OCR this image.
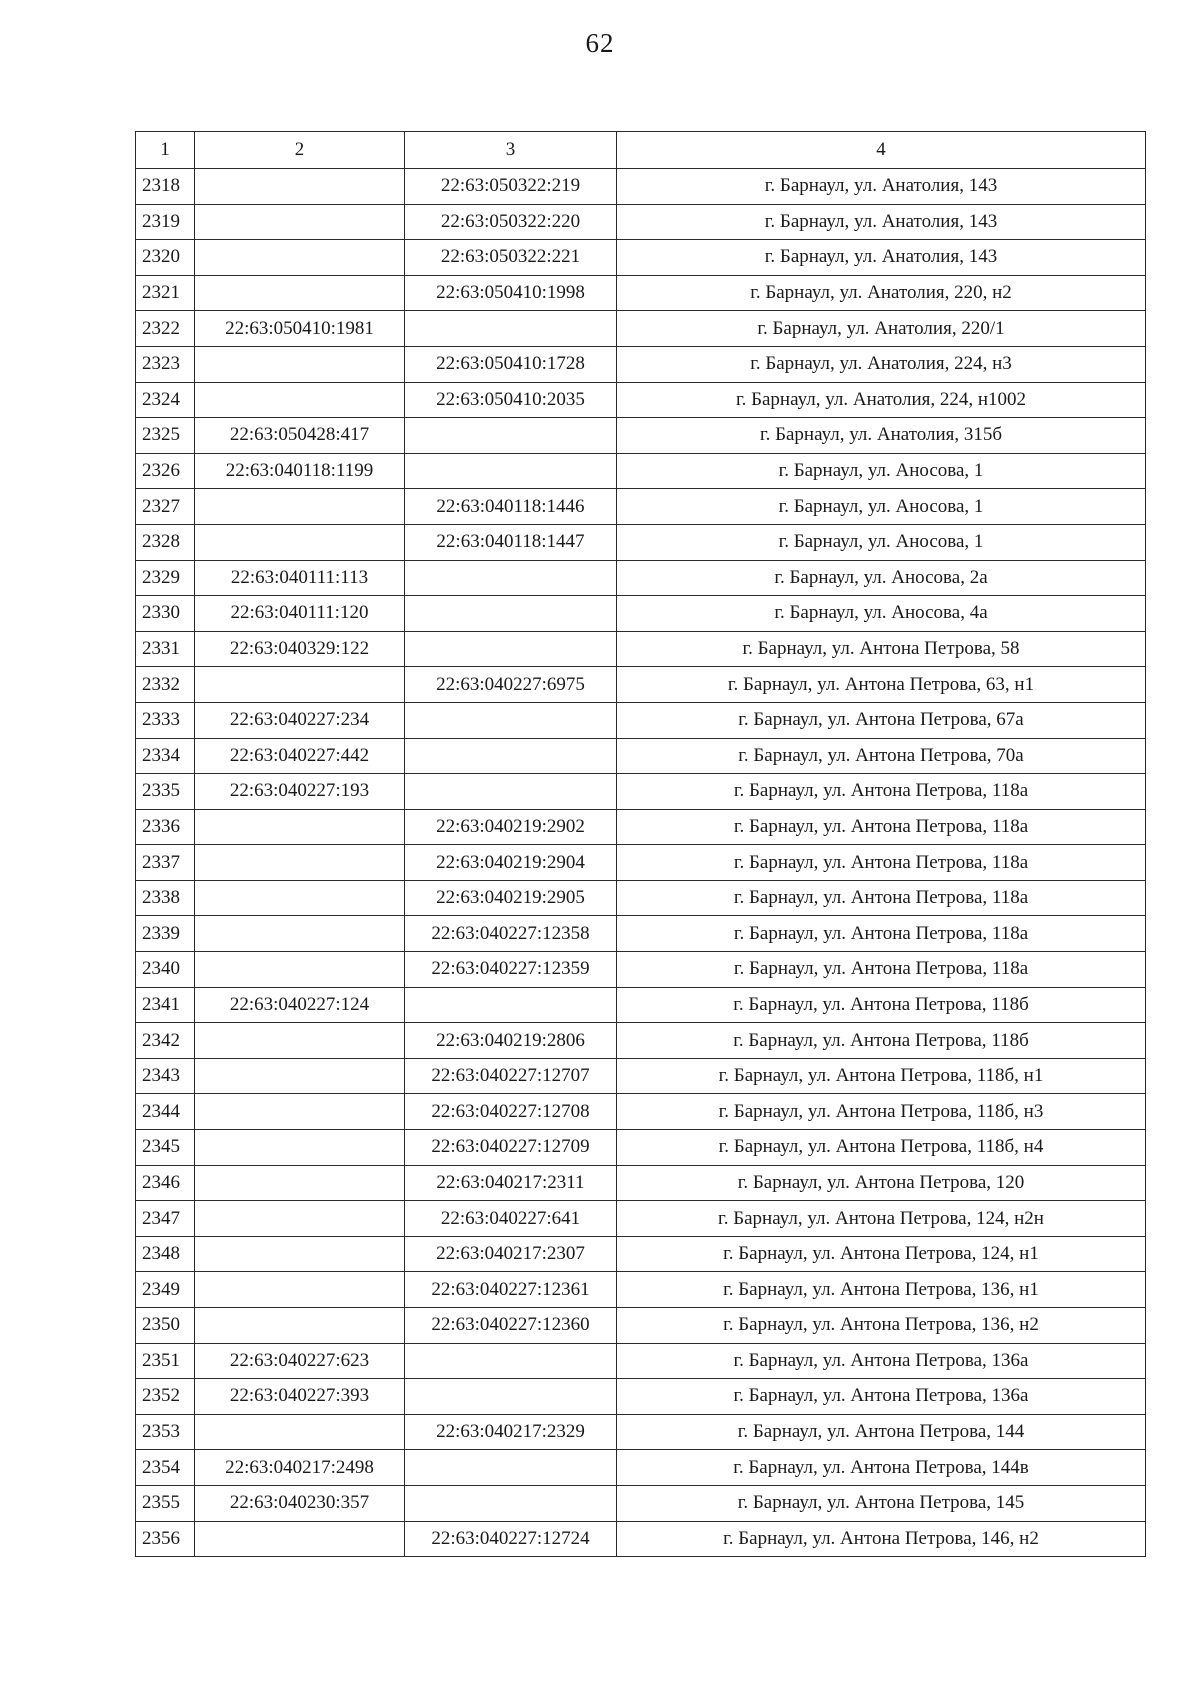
62
1	2	3	4
2318		22:63:050322:219	г. Барнаул, ул. Анатолия, 143
2319		22:63:050322:220	г. Барнаул, ул. Анатолия, 143
2320		22:63:050322:221	г. Барнаул, ул. Анатолия, 143
2321		22:63:050410:1998	г. Барнаул, ул. Анатолия, 220, н2
2322	22:63:050410:1981		г. Барнаул, ул. Анатолия, 220/1
2323		22:63:050410:1728	г. Барнаул, ул. Анатолия, 224, н3
2324		22:63:050410:2035	г. Барнаул, ул. Анатолия, 224, н1002
2325	22:63:050428:417		г. Барнаул, ул. Анатолия, 315б
2326	22:63:040118:1199		г. Барнаул, ул. Аносова, 1
2327		22:63:040118:1446	г. Барнаул, ул. Аносова, 1
2328		22:63:040118:1447	г. Барнаул, ул. Аносова, 1
2329	22:63:040111:113		г. Барнаул, ул. Аносова, 2а
2330	22:63:040111:120		г. Барнаул, ул. Аносова, 4а
2331	22:63:040329:122		г. Барнаул, ул. Антона Петрова, 58
2332		22:63:040227:6975	г. Барнаул, ул. Антона Петрова, 63, н1
2333	22:63:040227:234		г. Барнаул, ул. Антона Петрова, 67а
2334	22:63:040227:442		г. Барнаул, ул. Антона Петрова, 70а
2335	22:63:040227:193		г. Барнаул, ул. Антона Петрова, 118а
2336		22:63:040219:2902	г. Барнаул, ул. Антона Петрова, 118а
2337		22:63:040219:2904	г. Барнаул, ул. Антона Петрова, 118а
2338		22:63:040219:2905	г. Барнаул, ул. Антона Петрова, 118а
2339		22:63:040227:12358	г. Барнаул, ул. Антона Петрова, 118а
2340		22:63:040227:12359	г. Барнаул, ул. Антона Петрова, 118а
2341	22:63:040227:124		г. Барнаул, ул. Антона Петрова, 118б
2342		22:63:040219:2806	г. Барнаул, ул. Антона Петрова, 118б
2343		22:63:040227:12707	г. Барнаул, ул. Антона Петрова, 118б, н1
2344		22:63:040227:12708	г. Барнаул, ул. Антона Петрова, 118б, н3
2345		22:63:040227:12709	г. Барнаул, ул. Антона Петрова, 118б, н4
2346		22:63:040217:2311	г. Барнаул, ул. Антона Петрова, 120
2347		22:63:040227:641	г. Барнаул, ул. Антона Петрова, 124, н2н
2348		22:63:040217:2307	г. Барнаул, ул. Антона Петрова, 124, н1
2349		22:63:040227:12361	г. Барнаул, ул. Антона Петрова, 136, н1
2350		22:63:040227:12360	г. Барнаул, ул. Антона Петрова, 136, н2
2351	22:63:040227:623		г. Барнаул, ул. Антона Петрова, 136а
2352	22:63:040227:393		г. Барнаул, ул. Антона Петрова, 136а
2353		22:63:040217:2329	г. Барнаул, ул. Антона Петрова, 144
2354	22:63:040217:2498		г. Барнаул, ул. Антона Петрова, 144в
2355	22:63:040230:357		г. Барнаул, ул. Антона Петрова, 145
2356		22:63:040227:12724	г. Барнаул, ул. Антона Петрова, 146, н2
